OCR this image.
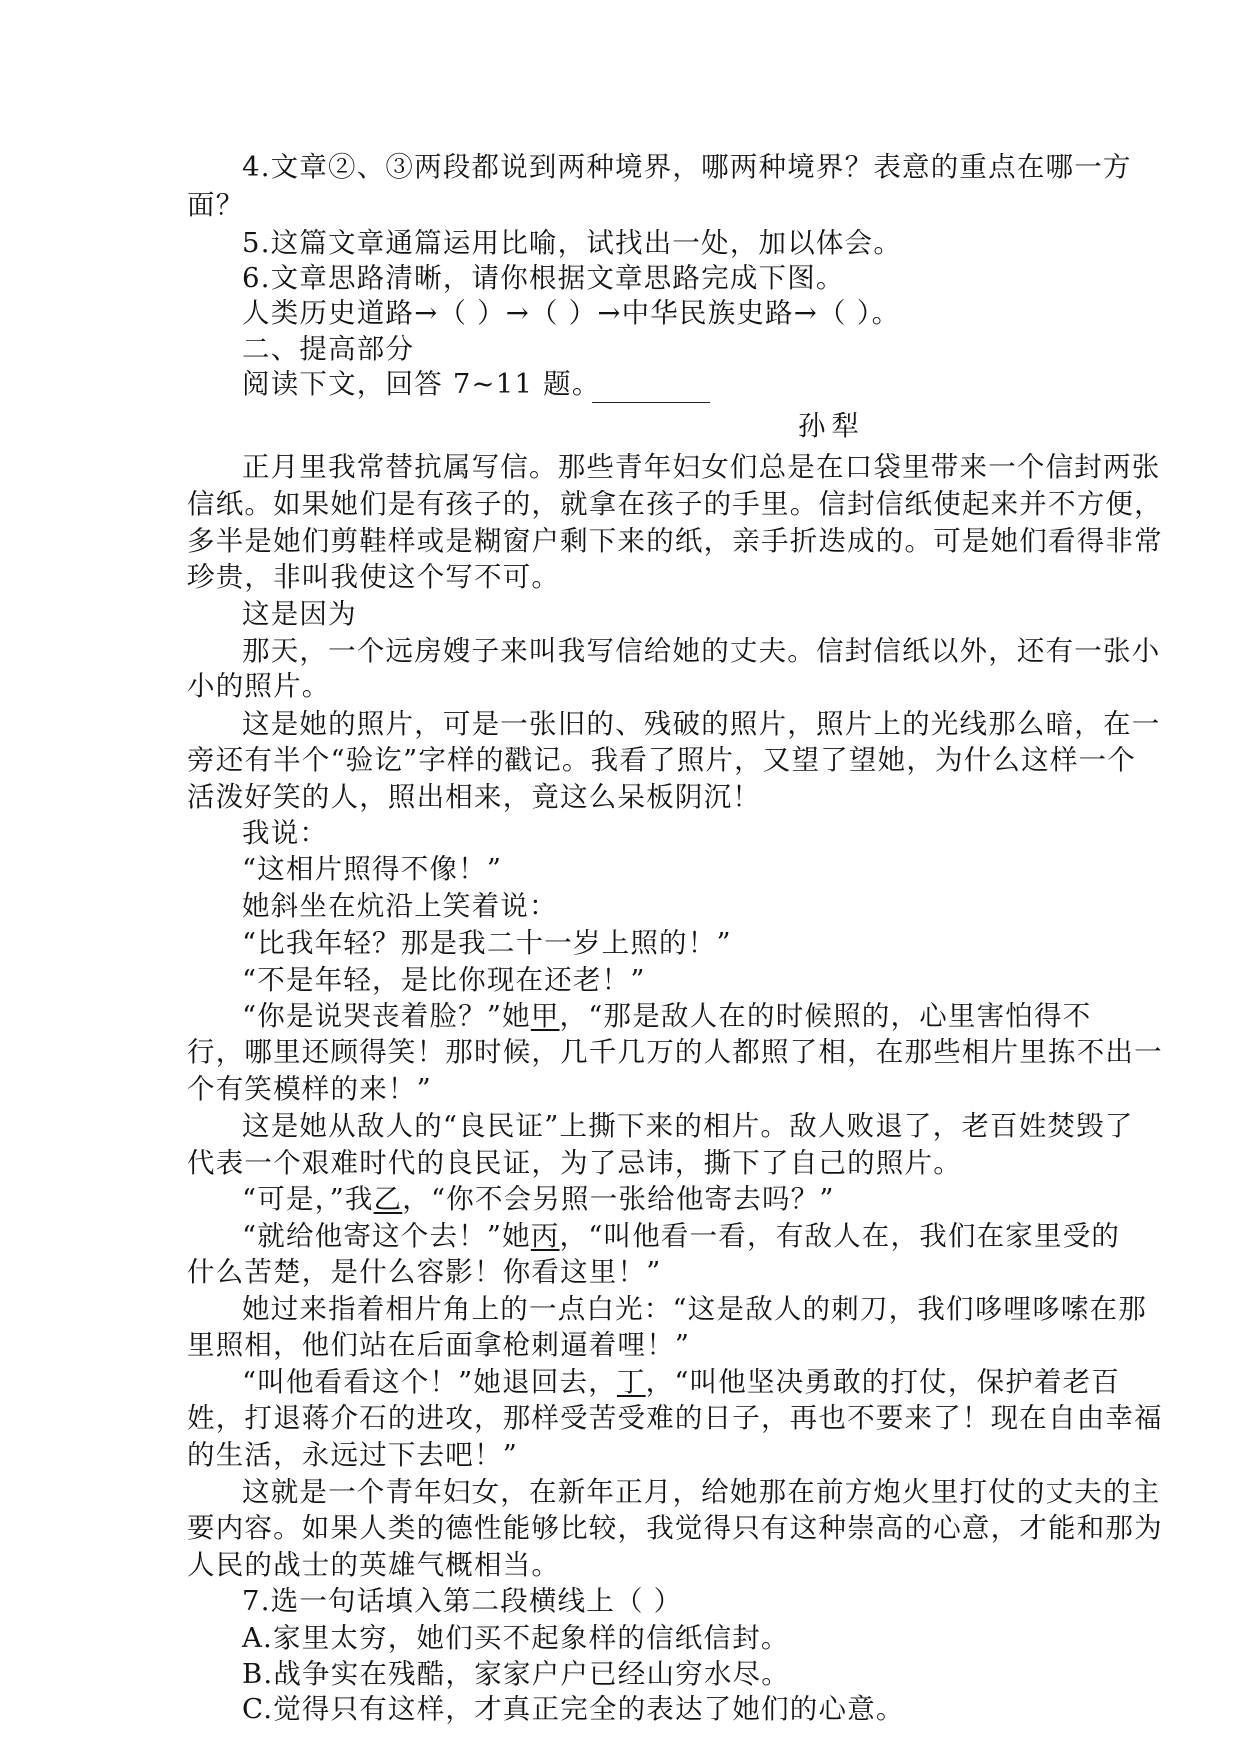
4.文章②、③两段都说到两种境界，哪两种境界？表意的重点在哪一方
面？
5.这篇文章通篇运用比喻，试找出一处，加以体会。
6.文章思路清晰，请你根据文章思路完成下图。
人类历史道路→（ ）→（ ）→中华民族史路→（ ）。
二、提高部分
阅读下文，回答 7~11 题。
孙犁
正月里我常替抗属写信。那些青年妇女们总是在口袋里带来一个信封两张
信纸。如果她们是有孩子的，就拿在孩子的手里。信封信纸使起来并不方便，
多半是她们剪鞋样或是糊窗户剩下来的纸，亲手折迭成的。可是她们看得非常
珍贵，非叫我使这个写不可。
这是因为
那天，一个远房嫂子来叫我写信给她的丈夫。信封信纸以外，还有一张小
小的照片。
这是她的照片，可是一张旧的、残破的照片，照片上的光线那么暗，在一
旁还有半个“验讫”字样的戳记。我看了照片，又望了望她，为什么这样一个
活泼好笑的人，照出相来，竟这么呆板阴沉！
我说：
“这相片照得不像！”
她斜坐在炕沿上笑着说：
“比我年轻？那是我二十一岁上照的！”
“不是年轻，是比你现在还老！”
“你是说哭丧着脸？”她甲，“那是敌人在的时候照的，心里害怕得不
行，哪里还顾得笑！那时候，几千几万的人都照了相，在那些相片里拣不出一
个有笑模样的来！”
这是她从敌人的“良民证”上撕下来的相片。敌人败退了，老百姓焚毁了
代表一个艰难时代的良民证，为了忌讳，撕下了自己的照片。
“可是，”我乙，“你不会另照一张给他寄去吗？”
“就给他寄这个去！”她丙，“叫他看一看，有敌人在，我们在家里受的
什么苦楚，是什么容影！你看这里！”
她过来指着相片角上的一点白光：“这是敌人的刺刀，我们哆哩哆嗦在那
里照相，他们站在后面拿枪刺逼着哩！”
“叫他看看这个！”她退回去，丁，“叫他坚决勇敢的打仗，保护着老百
姓，打退蒋介石的进攻，那样受苦受难的日子，再也不要来了！现在自由幸福
的生活，永远过下去吧！”
这就是一个青年妇女，在新年正月，给她那在前方炮火里打仗的丈夫的主
要内容。如果人类的德性能够比较，我觉得只有这种崇高的心意，才能和那为
人民的战士的英雄气概相当。
7.选一句话填入第二段横线上（ ）
A.家里太穷，她们买不起象样的信纸信封。
B.战争实在残酷，家家户户已经山穷水尽。
C.觉得只有这样，才真正完全的表达了她们的心意。
